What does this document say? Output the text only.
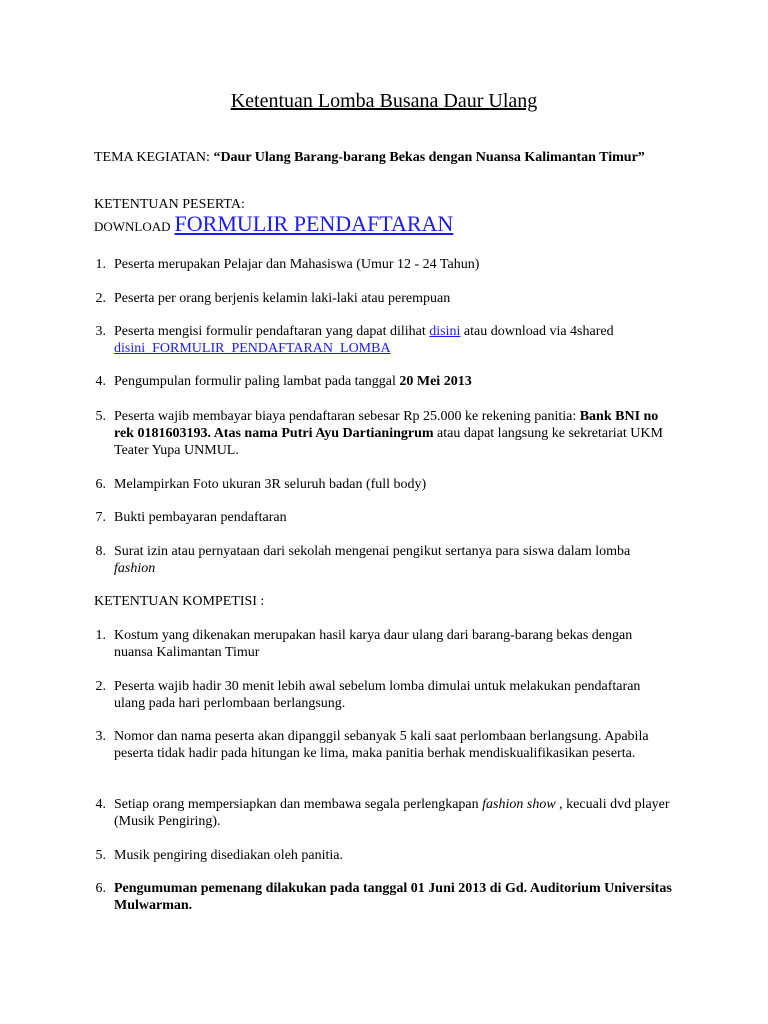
Ketentuan Lomba Busana Daur Ulang
TEMA KEGIATAN: “Daur Ulang Barang-barang Bekas dengan Nuansa Kalimantan Timur”
KETENTUAN PESERTA:
DOWNLOAD FORMULIR PENDAFTARAN
1. Peserta merupakan Pelajar dan Mahasiswa (Umur 12 - 24 Tahun)
2. Peserta per orang berjenis kelamin laki-laki atau perempuan
3. Peserta mengisi formulir pendaftaran yang dapat dilihat disini atau download via 4shared disini_FORMULIR_PENDAFTARAN_LOMBA
4. Pengumpulan formulir paling lambat pada tanggal 20 Mei 2013
5. Peserta wajib membayar biaya pendaftaran sebesar Rp 25.000 ke rekening panitia: Bank BNI no rek 0181603193. Atas nama Putri Ayu Dartianingrum atau dapat langsung ke sekretariat UKM Teater Yupa UNMUL.
6. Melampirkan Foto ukuran 3R seluruh badan (full body)
7. Bukti pembayaran pendaftaran
8. Surat izin atau pernyataan dari sekolah mengenai pengikut sertanya para siswa dalam lomba fashion
KETENTUAN KOMPETISI :
1. Kostum yang dikenakan merupakan hasil karya daur ulang dari barang-barang bekas dengan nuansa Kalimantan Timur
2. Peserta wajib hadir 30 menit lebih awal sebelum lomba dimulai untuk melakukan pendaftaran ulang pada hari perlombaan berlangsung.
3. Nomor dan nama peserta akan dipanggil sebanyak 5 kali saat perlombaan berlangsung. Apabila peserta tidak hadir pada hitungan ke lima, maka panitia berhak mendiskualifikasikan peserta.
4. Setiap orang mempersiapkan dan membawa segala perlengkapan fashion show , kecuali dvd player (Musik Pengiring).
5. Musik pengiring disediakan oleh panitia.
6. Pengumuman pemenang dilakukan pada tanggal 01 Juni 2013 di Gd. Auditorium Universitas Mulwarman.
